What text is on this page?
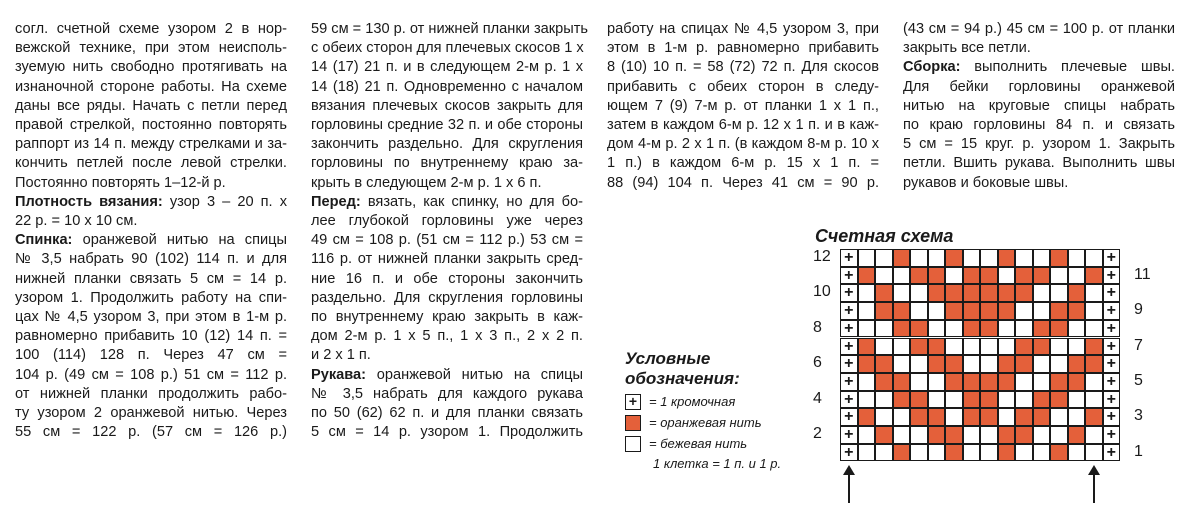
согл. счетной схеме узором 2 в нор-
вежской технике, при этом неисполь-
зуемую нить свободно протягивать на
изнаночной стороне работы. На схеме
даны все ряды. Начать с петли перед
правой стрелкой, постоянно повторять
раппорт из 14 п. между стрелками и за-
кончить петлей после левой стрелки.
Постоянно повторять 1–12-й р.
Плотность вязания: узор 3 – 20 п. х
22 р. = 10 х 10 см.
Спинка: оранжевой нитью на спицы
№ 3,5 набрать 90 (102) 114 п. и для
нижней планки связать 5 см = 14 р.
узором 1. Продолжить работу на спи-
цах № 4,5 узором 3, при этом в 1-м р.
равномерно прибавить 10 (12) 14 п. =
100 (114) 128 п. Через 47 см =
104 р. (49 см = 108 р.) 51 см = 112 р.
от нижней планки продолжить рабо-
ту узором 2 оранжевой нитью. Через
55 см = 122 р. (57 см = 126 р.)
59 см = 130 р. от нижней планки закрыть
с обеих сторон для плечевых скосов 1 х
14 (17) 21 п. и в следующем 2-м р. 1 х
14 (18) 21 п. Одновременно с началом
вязания плечевых скосов закрыть для
горловины средние 32 п. и обе стороны
закончить раздельно. Для скругления
горловины по внутреннему краю за-
крыть в следующем 2-м р. 1 х 6 п.
Перед: вязать, как спинку, но для бо-
лее глубокой горловины уже через
49 см = 108 р. (51 см = 112 р.) 53 см =
116 р. от нижней планки закрыть сред-
ние 16 п. и обе стороны закончить
раздельно. Для скругления горловины
по внутреннему краю закрыть в каж-
дом 2-м р. 1 х 5 п., 1 х 3 п., 2 х 2 п.
и 2 х 1 п.
Рукава: оранжевой нитью на спицы
№ 3,5 набрать для каждого рукава
по 50 (62) 62 п. и для планки связать
5 см = 14 р. узором 1. Продолжить
работу на спицах № 4,5 узором 3, при
этом в 1-м р. равномерно прибавить
8 (10) 10 п. = 58 (72) 72 п. Для скосов
прибавить с обеих сторон в следу-
ющем 7 (9) 7-м р. от планки 1 х 1 п.,
затем в каждом 6-м р. 12 х 1 п. и в каж-
дом 4-м р. 2 х 1 п. (в каждом 8-м р. 10 х
1 п.) в каждом 6-м р. 15 х 1 п. =
88 (94) 104 п. Через 41 см = 90 р.
(43 см = 94 р.) 45 см = 100 р. от планки
закрыть все петли.
Сборка: выполнить плечевые швы.
Для бейки горловины оранжевой
нитью на круговые спицы набрать
по краю горловины 84 п. и связать
5 см = 15 круг. р. узором 1. Закрыть
петли. Вшить рукава. Выполнить швы
рукавов и боковые швы.
Счетная схема
+	+
+	+
+	+
+	+
+	+
+	+
+	+
+	+
+	+
+	+
+	+
+	+
12
10
8
6
4
2
11
9
7
5
3
1
Условные
обозначения:
+ = 1 кромочная
= оранжевая нить
= бежевая нить
1 клетка = 1 п. и 1 р.
